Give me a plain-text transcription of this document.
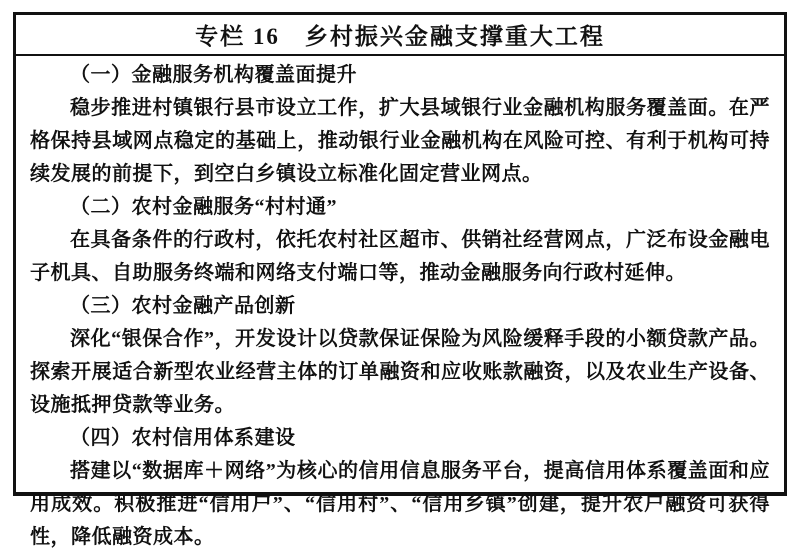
专栏 16　乡村振兴金融支撑重大工程

（一）金融服务机构覆盖面提升

稳步推进村镇银行县市设立工作，扩大县域银行业金融机构服务覆盖面。在严格保持县域网点稳定的基础上，推动银行业金融机构在风险可控、有利于机构可持续发展的前提下，到空白乡镇设立标准化固定营业网点。

（二）农村金融服务“村村通”

在具备条件的行政村，依托农村社区超市、供销社经营网点，广泛布设金融电子机具、自助服务终端和网络支付端口等，推动金融服务向行政村延伸。

（三）农村金融产品创新

深化“银保合作”，开发设计以贷款保证保险为风险缓释手段的小额贷款产品。探索开展适合新型农业经营主体的订单融资和应收账款融资，以及农业生产设备、设施抵押贷款等业务。

（四）农村信用体系建设

搭建以“数据库＋网络”为核心的信用信息服务平台，提高信用体系覆盖面和应用成效。积极推进“信用户”、“信用村”、“信用乡镇”创建，提升农户融资可获得性，降低融资成本。
